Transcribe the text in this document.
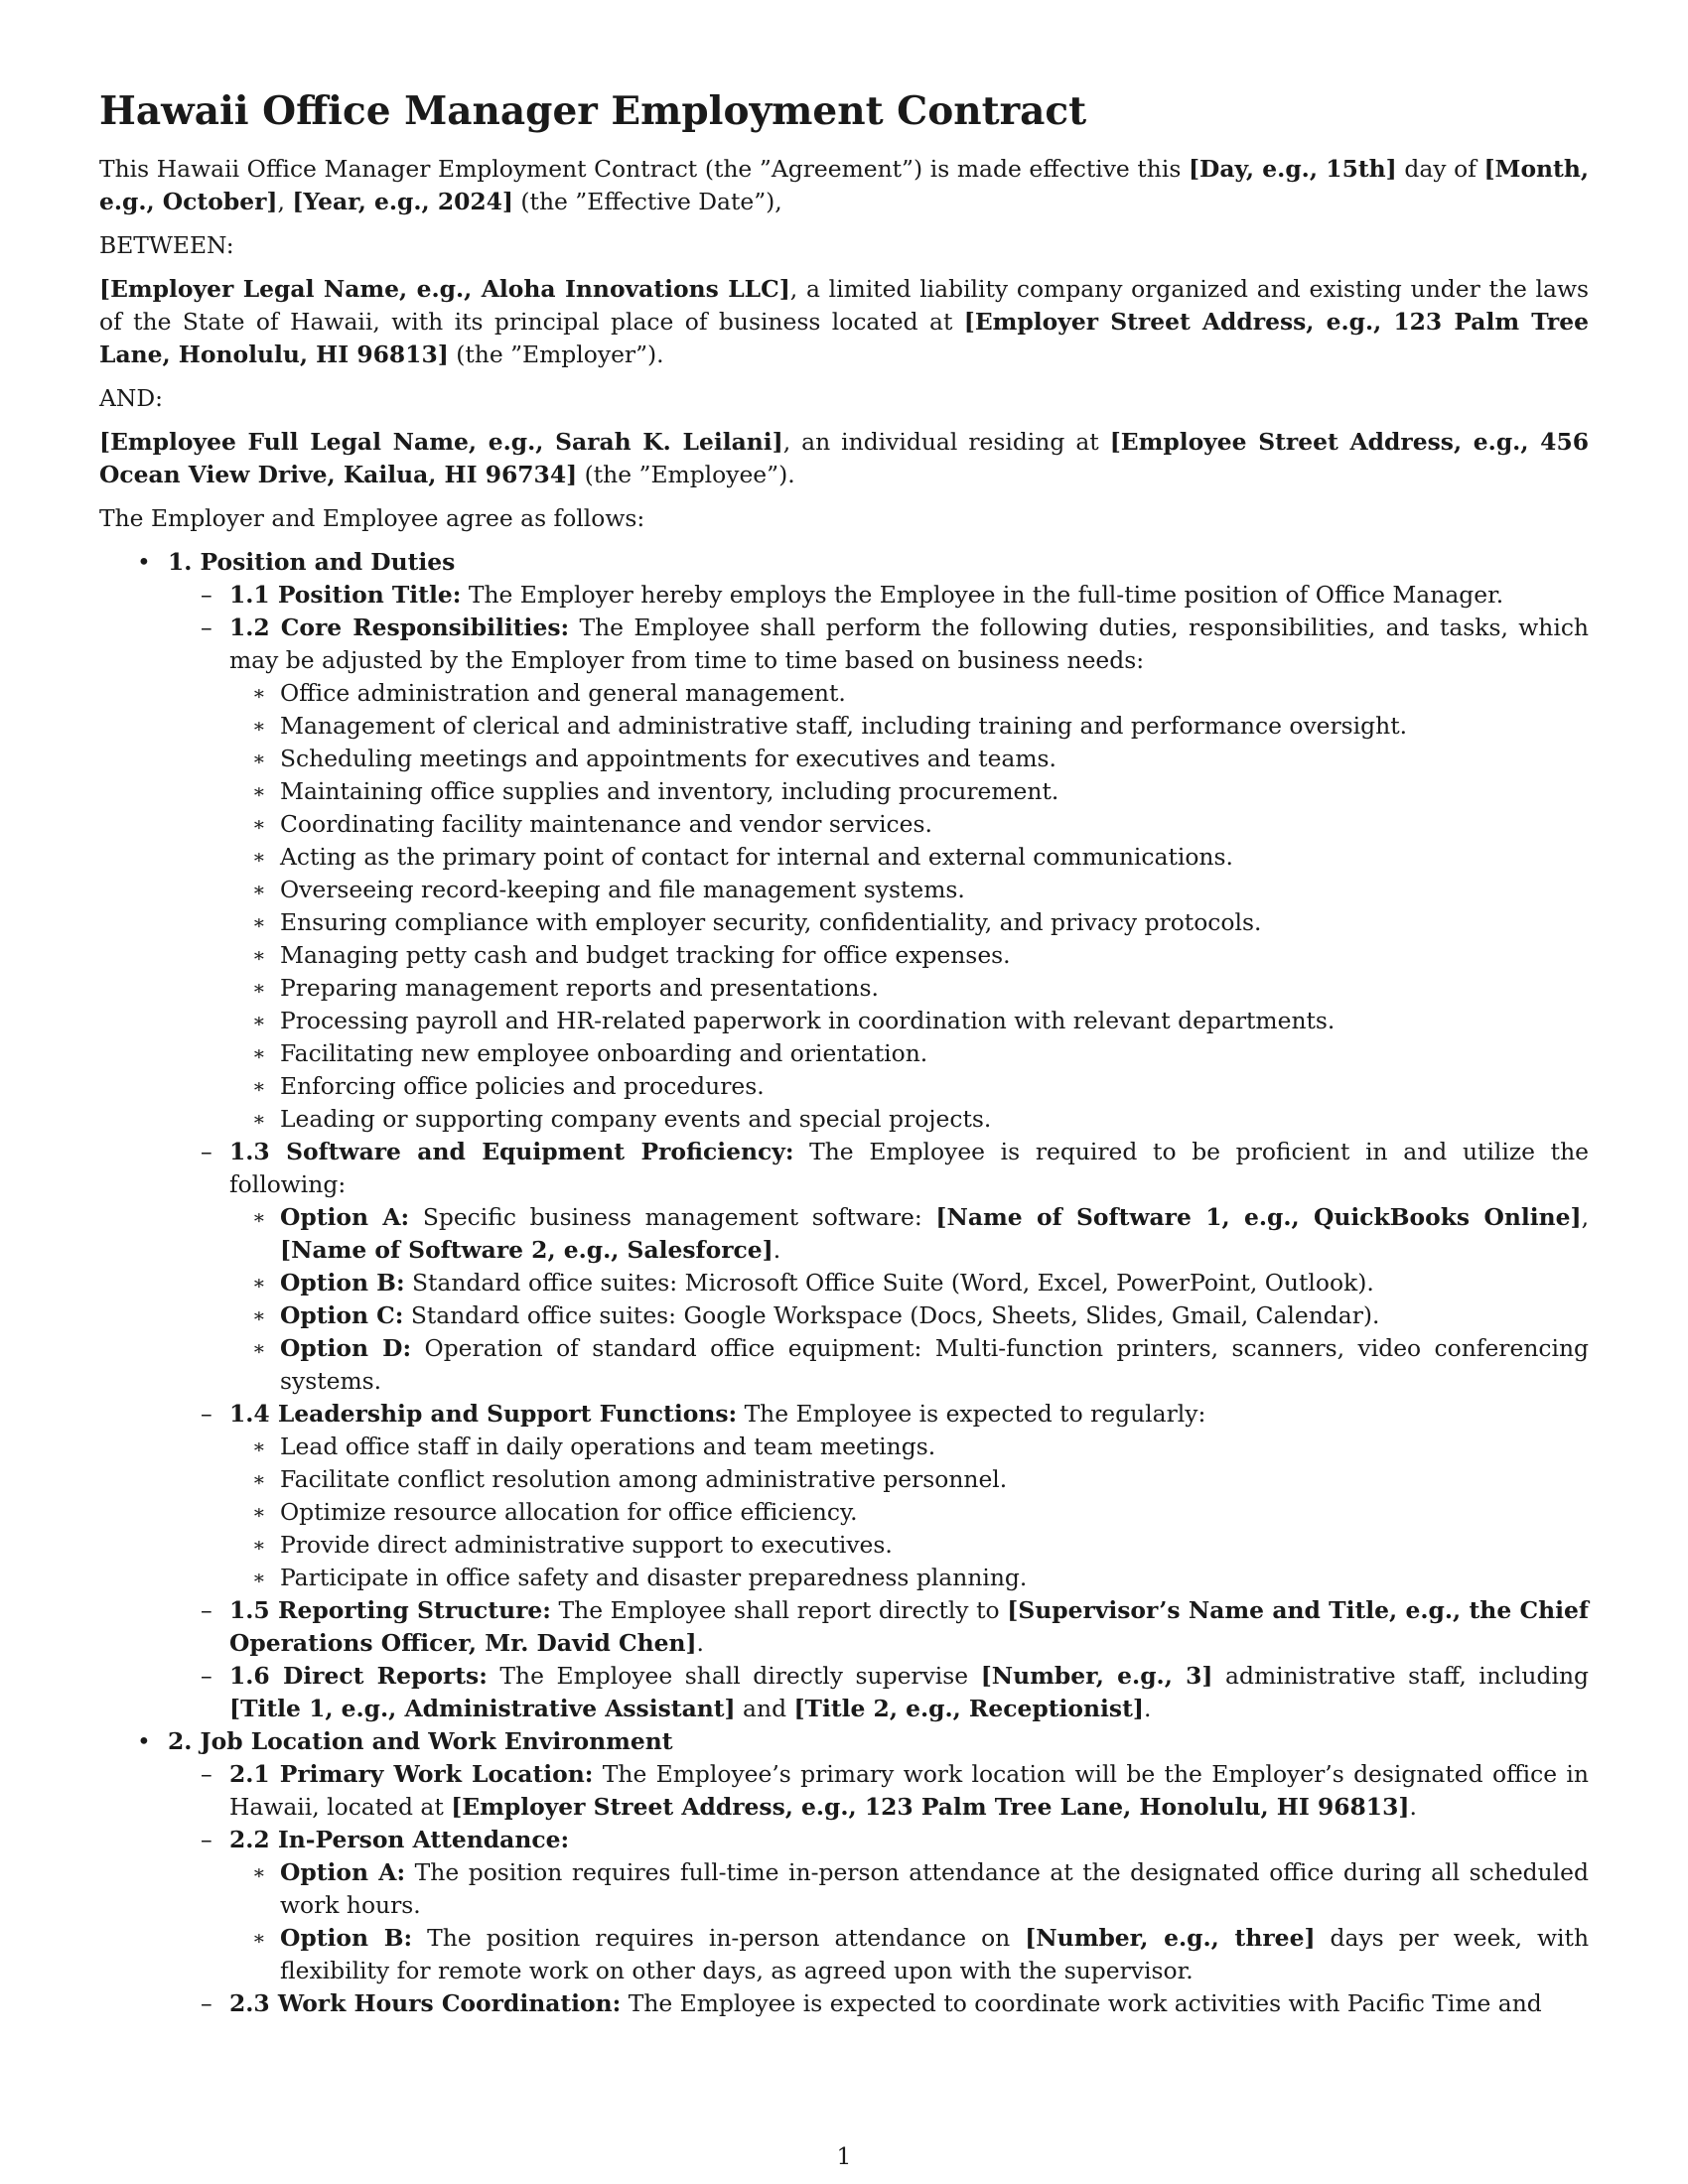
Hawaii Office Manager Employment Contract

This Hawaii Office Manager Employment Contract (the ”Agreement”) is made effective this [Day, e.g., 15th] day of [Month, e.g., October], [Year, e.g., 2024] (the ”Effective Date”),

BETWEEN:

[Employer Legal Name, e.g., Aloha Innovations LLC], a limited liability company organized and existing under the laws of the State of Hawaii, with its principal place of business located at [Employer Street Address, e.g., 123 Palm Tree Lane, Honolulu, HI 96813] (the ”Employer”).

AND:

[Employee Full Legal Name, e.g., Sarah K. Leilani], an individual residing at [Employee Street Address, e.g., 456 Ocean View Drive, Kailua, HI 96734] (the ”Employee”).

The Employer and Employee agree as follows:

• 1. Position and Duties
– 1.1 Position Title: The Employer hereby employs the Employee in the full-time position of Office Manager.
– 1.2 Core Responsibilities: The Employee shall perform the following duties, responsibilities, and tasks, which may be adjusted by the Employer from time to time based on business needs:
∗ Office administration and general management.
∗ Management of clerical and administrative staff, including training and performance oversight.
∗ Scheduling meetings and appointments for executives and teams.
∗ Maintaining office supplies and inventory, including procurement.
∗ Coordinating facility maintenance and vendor services.
∗ Acting as the primary point of contact for internal and external communications.
∗ Overseeing record-keeping and file management systems.
∗ Ensuring compliance with employer security, confidentiality, and privacy protocols.
∗ Managing petty cash and budget tracking for office expenses.
∗ Preparing management reports and presentations.
∗ Processing payroll and HR-related paperwork in coordination with relevant departments.
∗ Facilitating new employee onboarding and orientation.
∗ Enforcing office policies and procedures.
∗ Leading or supporting company events and special projects.
– 1.3 Software and Equipment Proficiency: The Employee is required to be proficient in and utilize the following:
∗ Option A: Specific business management software: [Name of Software 1, e.g., QuickBooks Online], [Name of Software 2, e.g., Salesforce].
∗ Option B: Standard office suites: Microsoft Office Suite (Word, Excel, PowerPoint, Outlook).
∗ Option C: Standard office suites: Google Workspace (Docs, Sheets, Slides, Gmail, Calendar).
∗ Option D: Operation of standard office equipment: Multi-function printers, scanners, video conferencing systems.
– 1.4 Leadership and Support Functions: The Employee is expected to regularly:
∗ Lead office staff in daily operations and team meetings.
∗ Facilitate conflict resolution among administrative personnel.
∗ Optimize resource allocation for office efficiency.
∗ Provide direct administrative support to executives.
∗ Participate in office safety and disaster preparedness planning.
– 1.5 Reporting Structure: The Employee shall report directly to [Supervisor’s Name and Title, e.g., the Chief Operations Officer, Mr. David Chen].
– 1.6 Direct Reports: The Employee shall directly supervise [Number, e.g., 3] administrative staff, including [Title 1, e.g., Administrative Assistant] and [Title 2, e.g., Receptionist].
• 2. Job Location and Work Environment
– 2.1 Primary Work Location: The Employee’s primary work location will be the Employer’s designated office in Hawaii, located at [Employer Street Address, e.g., 123 Palm Tree Lane, Honolulu, HI 96813].
– 2.2 In-Person Attendance:
∗ Option A: The position requires full-time in-person attendance at the designated office during all scheduled work hours.
∗ Option B: The position requires in-person attendance on [Number, e.g., three] days per week, with flexibility for remote work on other days, as agreed upon with the supervisor.
– 2.3 Work Hours Coordination: The Employee is expected to coordinate work activities with Pacific Time and
1
